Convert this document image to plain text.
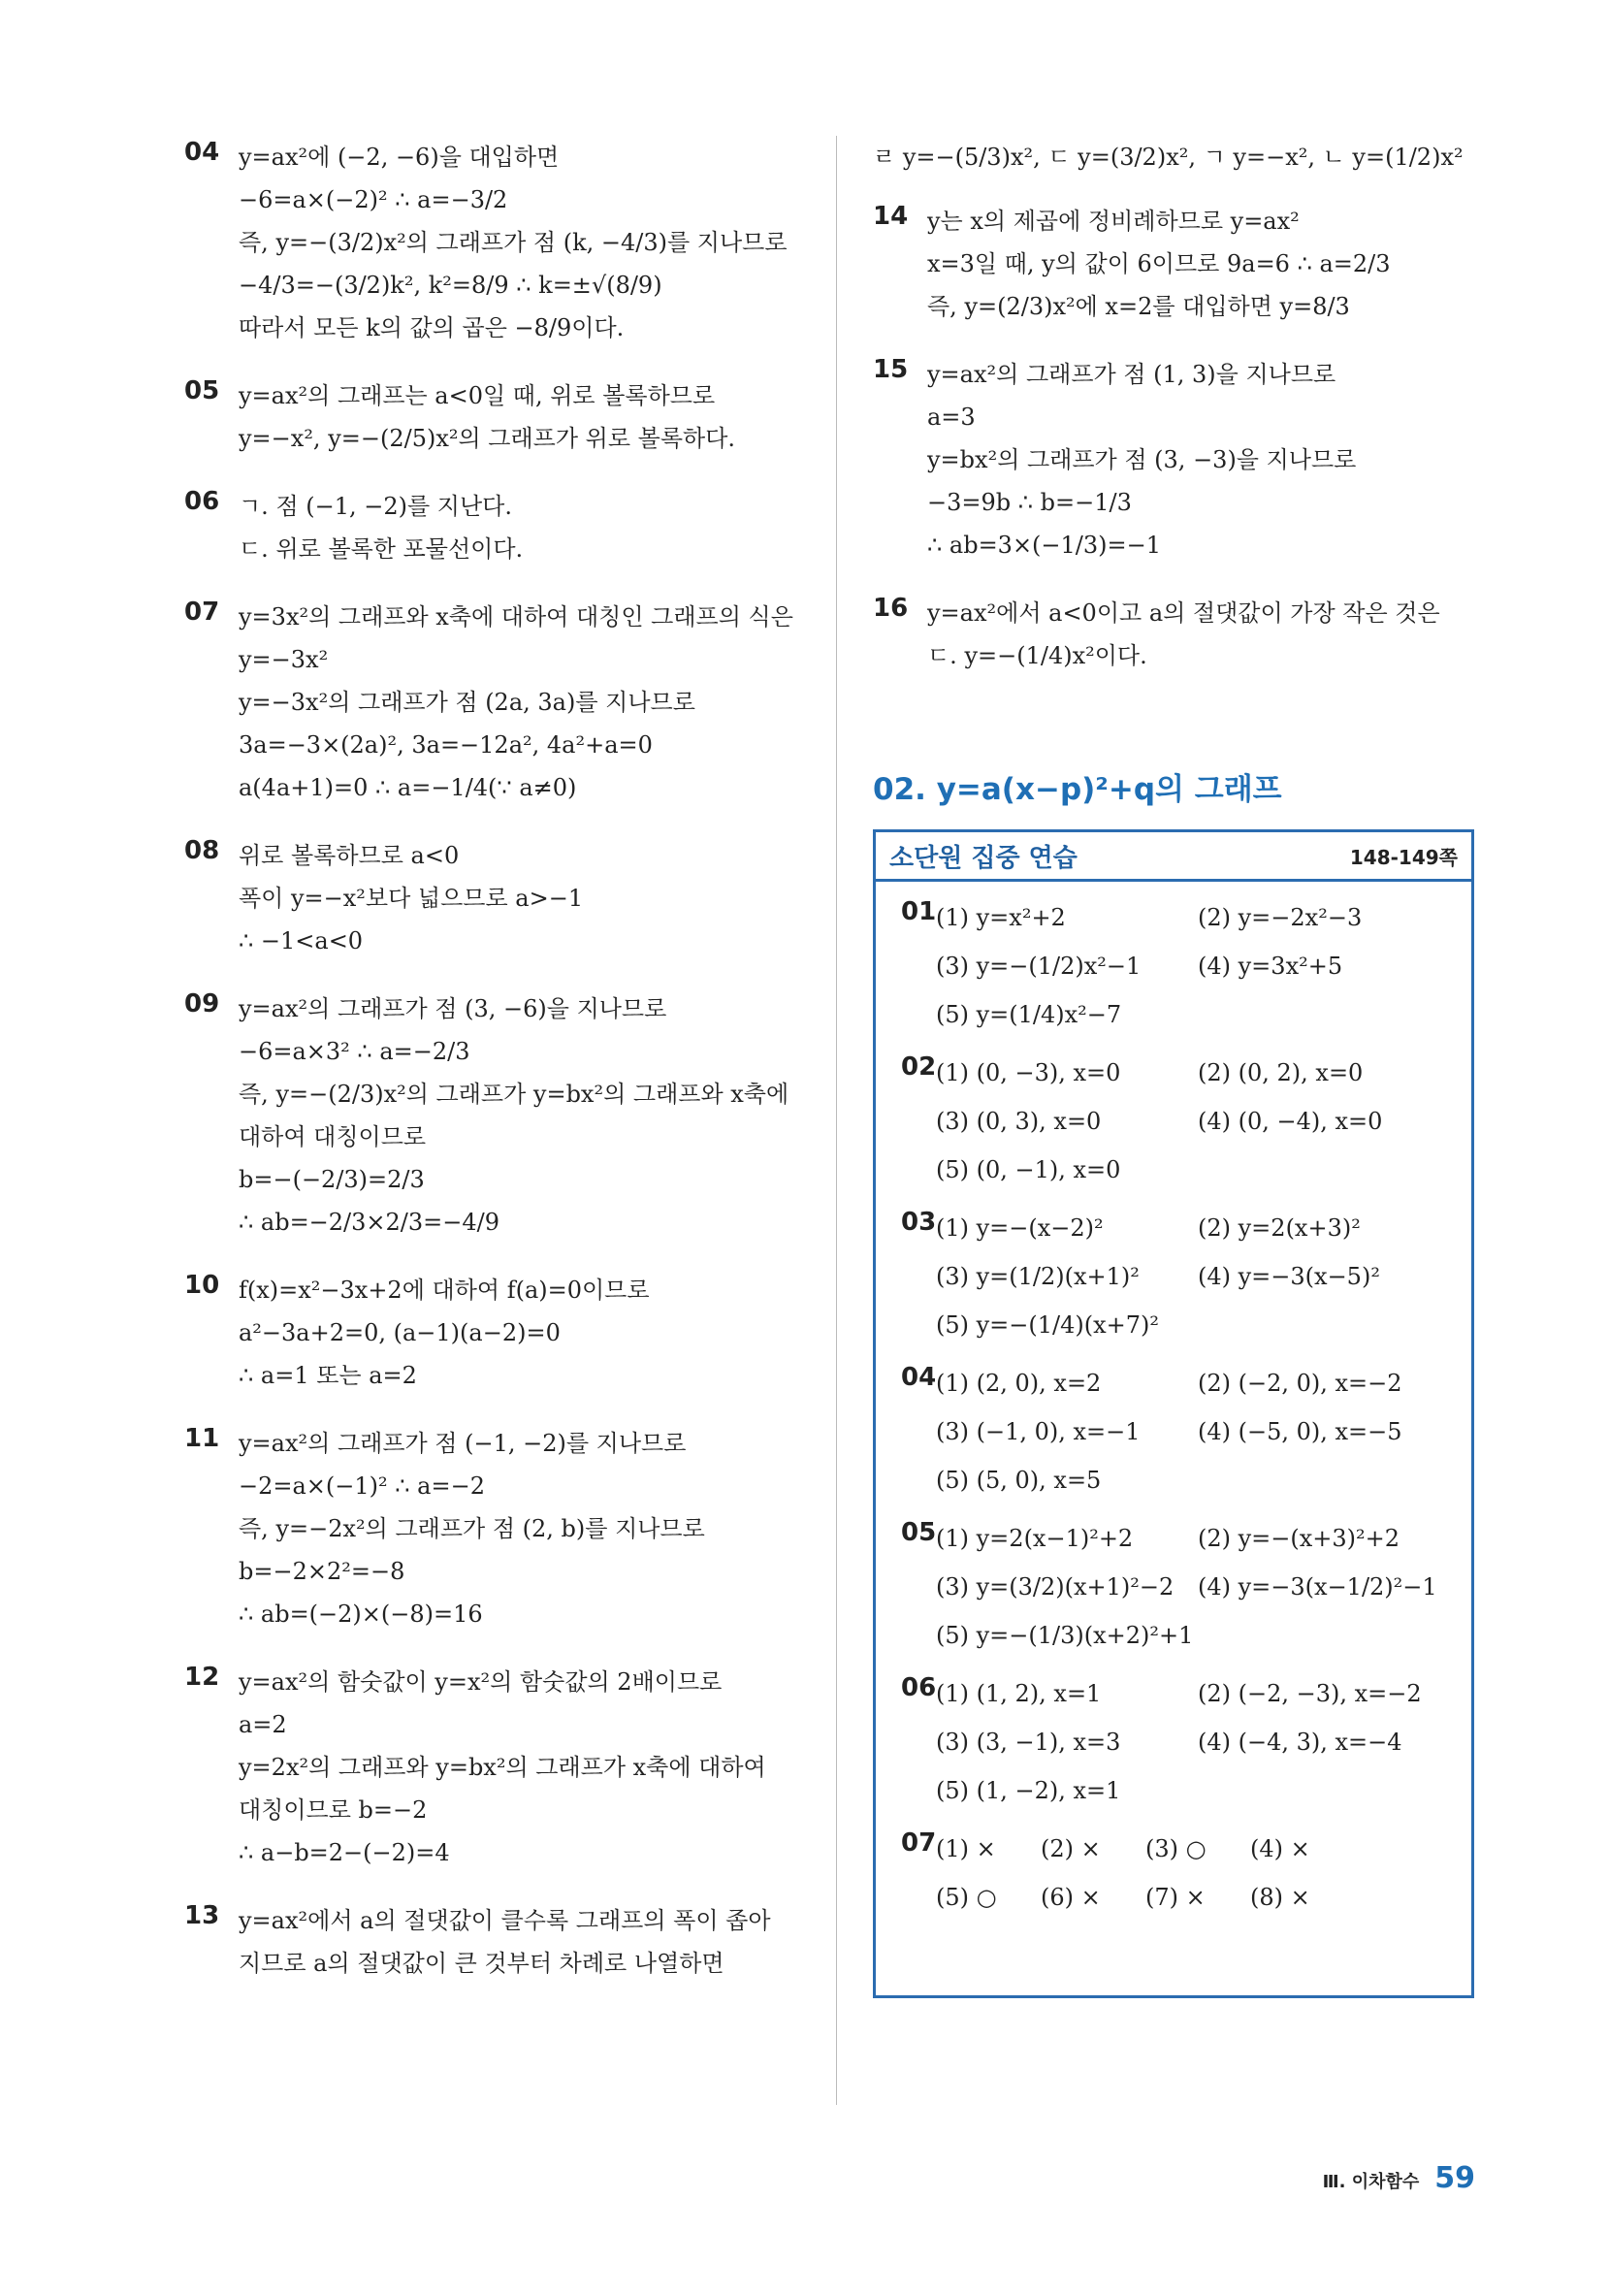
04 y=ax²에 (−2, −6)을 대입하면
−6=a×(−2)² ∴ a=−3/2
즉, y=−(3/2)x²의 그래프가 점 (k, −4/3)를 지나므로
−4/3=−(3/2)k², k²=8/9 ∴ k=±√(8/9)
따라서 모든 k의 값의 곱은 −8/9이다.
05 y=ax²의 그래프는 a<0일 때, 위로 볼록하므로
y=−x², y=−(2/5)x²의 그래프가 위로 볼록하다.
06 ㄱ. 점 (−1, −2)를 지난다.
ㄷ. 위로 볼록한 포물선이다.
07 y=3x²의 그래프와 x축에 대하여 대칭인 그래프의 식은
y=−3x²
y=−3x²의 그래프가 점 (2a, 3a)를 지나므로
3a=−3×(2a)², 3a=−12a², 4a²+a=0
a(4a+1)=0 ∴ a=−1/4(∵ a≠0)
08 위로 볼록하므로 a<0
폭이 y=−x²보다 넓으므로 a>−1
∴ −1<a<0
09 y=ax²의 그래프가 점 (3, −6)을 지나므로
−6=a×3² ∴ a=−2/3
즉, y=−(2/3)x²의 그래프가 y=bx²의 그래프와 x축에
대하여 대칭이므로
b=−(−2/3)=2/3
∴ ab=−2/3×2/3=−4/9
10 f(x)=x²−3x+2에 대하여 f(a)=0이므로
a²−3a+2=0, (a−1)(a−2)=0
∴ a=1 또는 a=2
11 y=ax²의 그래프가 점 (−1, −2)를 지나므로
−2=a×(−1)² ∴ a=−2
즉, y=−2x²의 그래프가 점 (2, b)를 지나므로
b=−2×2²=−8
∴ ab=(−2)×(−8)=16
12 y=ax²의 함숫값이 y=x²의 함숫값의 2배이므로
a=2
y=2x²의 그래프와 y=bx²의 그래프가 x축에 대하여
대칭이므로 b=−2
∴ a−b=2−(−2)=4
13 y=ax²에서 a의 절댓값이 클수록 그래프의 폭이 좁아
지므로 a의 절댓값이 큰 것부터 차례로 나열하면
ㄹ y=−(5/3)x², ㄷ y=(3/2)x², ㄱ y=−x², ㄴ y=(1/2)x²
14 y는 x의 제곱에 정비례하므로 y=ax²
x=3일 때, y의 값이 6이므로 9a=6 ∴ a=2/3
즉, y=(2/3)x²에 x=2를 대입하면 y=8/3
15 y=ax²의 그래프가 점 (1, 3)을 지나므로
a=3
y=bx²의 그래프가 점 (3, −3)을 지나므로
−3=9b ∴ b=−1/3
∴ ab=3×(−1/3)=−1
16 y=ax²에서 a<0이고 a의 절댓값이 가장 작은 것은
ㄷ. y=−(1/4)x²이다.
02. y=a(x−p)²+q의 그래프
소단원 집중 연습	148-149쪽
01 (1) y=x²+2	(2) y=−2x²−3
(3) y=−(1/2)x²−1	(4) y=3x²+5
(5) y=(1/4)x²−7
02 (1) (0, −3), x=0	(2) (0, 2), x=0
(3) (0, 3), x=0	(4) (0, −4), x=0
(5) (0, −1), x=0
03 (1) y=−(x−2)²	(2) y=2(x+3)²
(3) y=(1/2)(x+1)²	(4) y=−3(x−5)²
(5) y=−(1/4)(x+7)²
04 (1) (2, 0), x=2	(2) (−2, 0), x=−2
(3) (−1, 0), x=−1	(4) (−5, 0), x=−5
(5) (5, 0), x=5
05 (1) y=2(x−1)²+2	(2) y=−(x+3)²+2
(3) y=(3/2)(x+1)²−2	(4) y=−3(x−1/2)²−1
(5) y=−(1/3)(x+2)²+1
06 (1) (1, 2), x=1	(2) (−2, −3), x=−2
(3) (3, −1), x=3	(4) (−4, 3), x=−4
(5) (1, −2), x=1
07 (1) ×	(2) ×	(3) ○	(4) ×
(5) ○	(6) ×	(7) ×	(8) ×
Ⅲ. 이차함수 59
